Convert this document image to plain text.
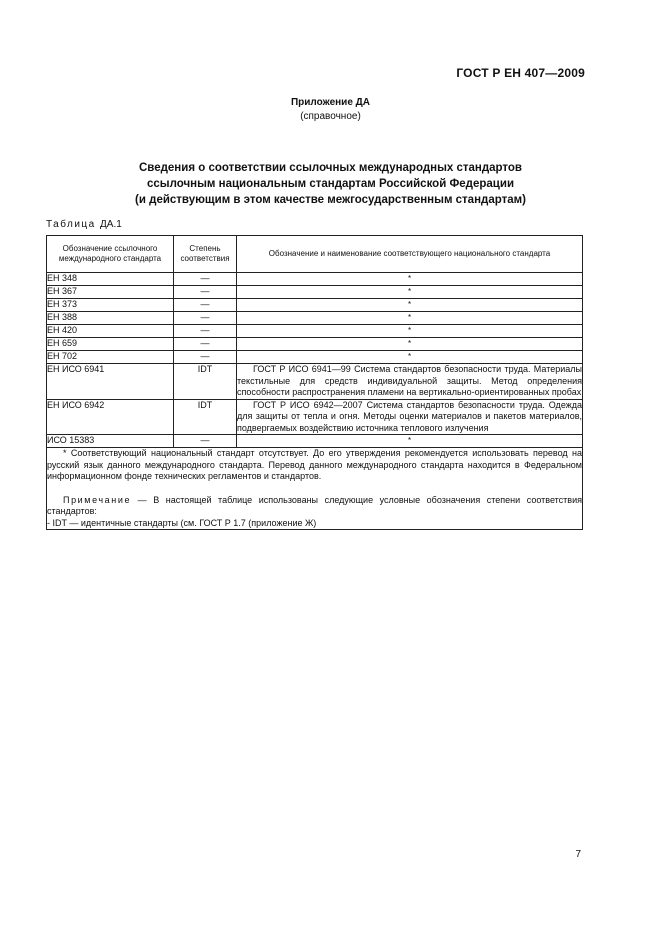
ГОСТ Р ЕН 407—2009
Приложение ДА
(справочное)
Сведения о соответствии ссылочных международных стандартов
ссылочным национальным стандартам Российской Федерации
(и действующим в этом качестве межгосударственным стандартам)
Таблица ДА.1
Обозначение ссылочного международного стандарта	Степень соответствия	Обозначение и наименование соответствующего национального стандарта
ЕН 348	—	*
ЕН 367	—	*
ЕН 373	—	*
ЕН 388	—	*
ЕН 420	—	*
ЕН 659	—	*
ЕН 702	—	*
ЕН ИСО 6941	IDT	ГОСТ Р ИСО 6941—99 Система стандартов безопасности труда. Материалы текстильные для средств индивидуальной защиты. Метод определения способности распространения пламени на вертикально-ориентированных пробах
ЕН ИСО 6942	IDT	ГОСТ Р ИСО 6942—2007 Система стандартов безопасности труда. Одежда для защиты от тепла и огня. Методы оценки материалов и пакетов материалов, подвергаемых воздействию источника теплового излучения
ИСО 15383	—	*

* Соответствующий национальный стандарт отсутствует. До его утверждения рекомендуется использовать перевод на русский язык данного международного стандарта. Перевод данного международного стандарта находится в Федеральном информационном фонде технических регламентов и стандартов.

Примечание — В настоящей таблице использованы следующие условные обозначения степени соответствия стандартов:

- IDT — идентичные стандарты (см. ГОСТ Р 1.7 (приложение Ж)		

7
